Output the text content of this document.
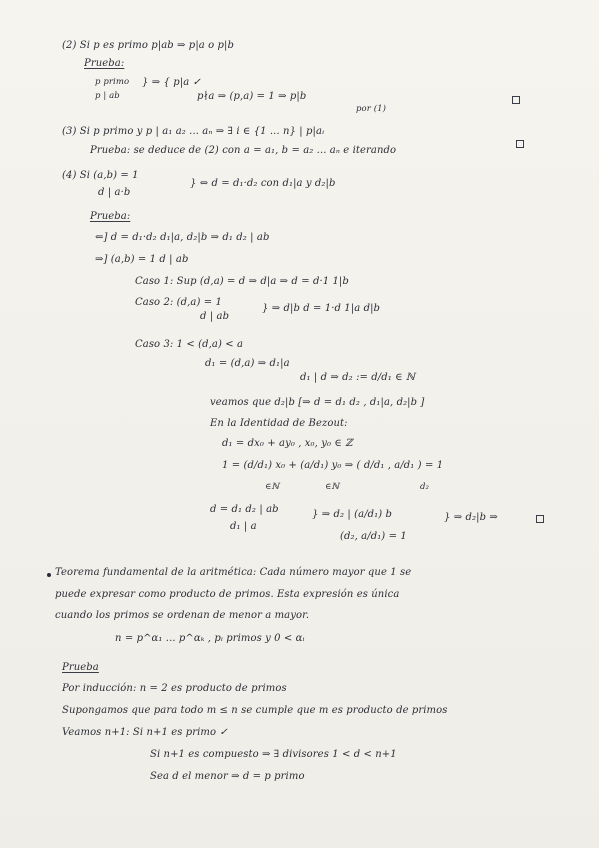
(2) Si p es primo p|ab ⇒ p|a o p|b
Prueba:
p primo
p | ab
} ⇒ { p|a ✓
p∤a ⇒ (p,a) = 1 ⇒ p|b
por (1)
(3) Si p primo y p | a₁ a₂ ... aₙ ⇒ ∃ i ∈ {1 ... n} | p|aᵢ
Prueba: se deduce de (2) con a = a₁, b = a₂ ... aₙ e iterando
(4) Si (a,b) = 1
d | a·b
} ⇔ d = d₁·d₂ con d₁|a y d₂|b
Prueba:
⇐] d = d₁·d₂ d₁|a, d₂|b ⇒ d₁ d₂ | ab
⇒] (a,b) = 1 d | ab
Caso 1: Sup (d,a) = d ⇒ d|a ⇒ d = d·1 1|b
Caso 2: (d,a) = 1
d | ab
} ⇒ d|b d = 1·d 1|a d|b
Caso 3: 1 < (d,a) < a
d₁ = (d,a) ⇒ d₁|a
d₁ | d ⇒ d₂ := d/d₁ ∈ ℕ
veamos que d₂|b [⇒ d = d₁ d₂ , d₁|a, d₂|b ]
En la Identidad de Bezout:
d₁ = dx₀ + ay₀ , x₀, y₀ ∈ ℤ
1 = (d/d₁) x₀ + (a/d₁) y₀ ⇒ ( d/d₁ , a/d₁ ) = 1
∈ℕ	∈ℕ	d₂
d = d₁ d₂ | ab
d₁ | a
} ⇒ d₂ | (a/d₁) b
(d₂, a/d₁) = 1
} ⇒ d₂|b ⇒
Teorema fundamental de la aritmética: Cada número mayor que 1 se
puede expresar como producto de primos. Esta expresión es única
cuando los primos se ordenan de menor a mayor.
n = p^α₁ ... p^αₖ , pᵢ primos y 0 < αᵢ
Prueba
Por inducción: n = 2 es producto de primos
Supongamos que para todo m ≤ n se cumple que m es producto de primos
Veamos n+1: Si n+1 es primo ✓
Si n+1 es compuesto ⇒ ∃ divisores 1 < d < n+1
Sea d el menor ⇒ d = p primo
